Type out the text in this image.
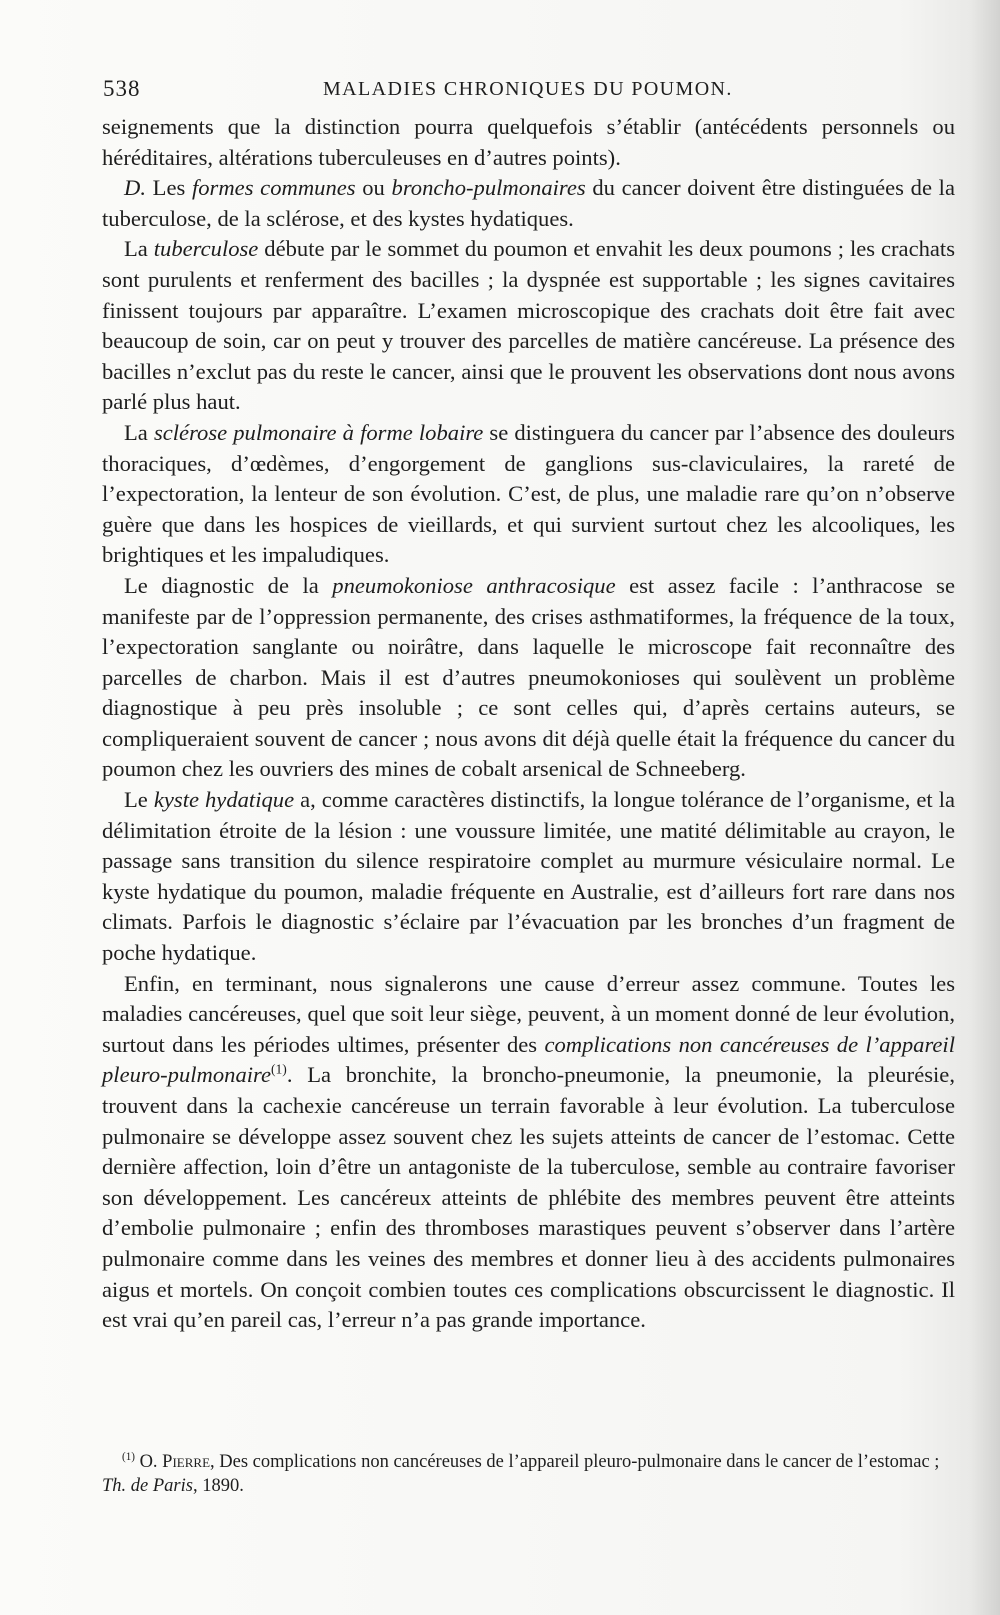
538	MALADIES CHRONIQUES DU POUMON.

seignements que la distinction pourra quelquefois s’établir (antécédents personnels ou héréditaires, altérations tuberculeuses en d’autres points).

D. Les formes communes ou broncho-pulmonaires du cancer doivent être distinguées de la tuberculose, de la sclérose, et des kystes hydatiques.

La tuberculose débute par le sommet du poumon et envahit les deux poumons ; les crachats sont purulents et renferment des bacilles ; la dyspnée est supportable ; les signes cavitaires finissent toujours par apparaître. L’examen microscopique des crachats doit être fait avec beaucoup de soin, car on peut y trouver des parcelles de matière cancéreuse. La présence des bacilles n’exclut pas du reste le cancer, ainsi que le prouvent les observations dont nous avons parlé plus haut.

La sclérose pulmonaire à forme lobaire se distinguera du cancer par l’absence des douleurs thoraciques, d’œdèmes, d’engorgement de ganglions sus-claviculaires, la rareté de l’expectoration, la lenteur de son évolution. C’est, de plus, une maladie rare qu’on n’observe guère que dans les hospices de vieillards, et qui survient surtout chez les alcooliques, les brightiques et les impaludiques.

Le diagnostic de la pneumokoniose anthracosique est assez facile : l’anthracose se manifeste par de l’oppression permanente, des crises asthmatiformes, la fréquence de la toux, l’expectoration sanglante ou noirâtre, dans laquelle le microscope fait reconnaître des parcelles de charbon. Mais il est d’autres pneumokonioses qui soulèvent un problème diagnostique à peu près insoluble ; ce sont celles qui, d’après certains auteurs, se compliqueraient souvent de cancer ; nous avons dit déjà quelle était la fréquence du cancer du poumon chez les ouvriers des mines de cobalt arsenical de Schneeberg.

Le kyste hydatique a, comme caractères distinctifs, la longue tolérance de l’organisme, et la délimitation étroite de la lésion : une voussure limitée, une matité délimitable au crayon, le passage sans transition du silence respiratoire complet au murmure vésiculaire normal. Le kyste hydatique du poumon, maladie fréquente en Australie, est d’ailleurs fort rare dans nos climats. Parfois le diagnostic s’éclaire par l’évacuation par les bronches d’un fragment de poche hydatique.

Enfin, en terminant, nous signalerons une cause d’erreur assez commune. Toutes les maladies cancéreuses, quel que soit leur siège, peuvent, à un moment donné de leur évolution, surtout dans les périodes ultimes, présenter des complications non cancéreuses de l’appareil pleuro-pulmonaire$^{(1)}$. La bronchite, la broncho-pneumonie, la pneumonie, la pleurésie, trouvent dans la cachexie cancéreuse un terrain favorable à leur évolution. La tuberculose pulmonaire se développe assez souvent chez les sujets atteints de cancer de l’estomac. Cette dernière affection, loin d’être un antagoniste de la tuberculose, semble au contraire favoriser son développement. Les cancéreux atteints de phlébite des membres peuvent être atteints d’embolie pulmonaire ; enfin des thromboses marastiques peuvent s’observer dans l’artère pulmonaire comme dans les veines des membres et donner lieu à des accidents pulmonaires aigus et mortels. On conçoit combien toutes ces complications obscurcissent le diagnostic. Il est vrai qu’en pareil cas, l’erreur n’a pas grande importance.

$^{(1)}$ O. Pierre, Des complications non cancéreuses de l’appareil pleuro-pulmonaire dans le cancer de l’estomac ; Th. de Paris, 1890.
